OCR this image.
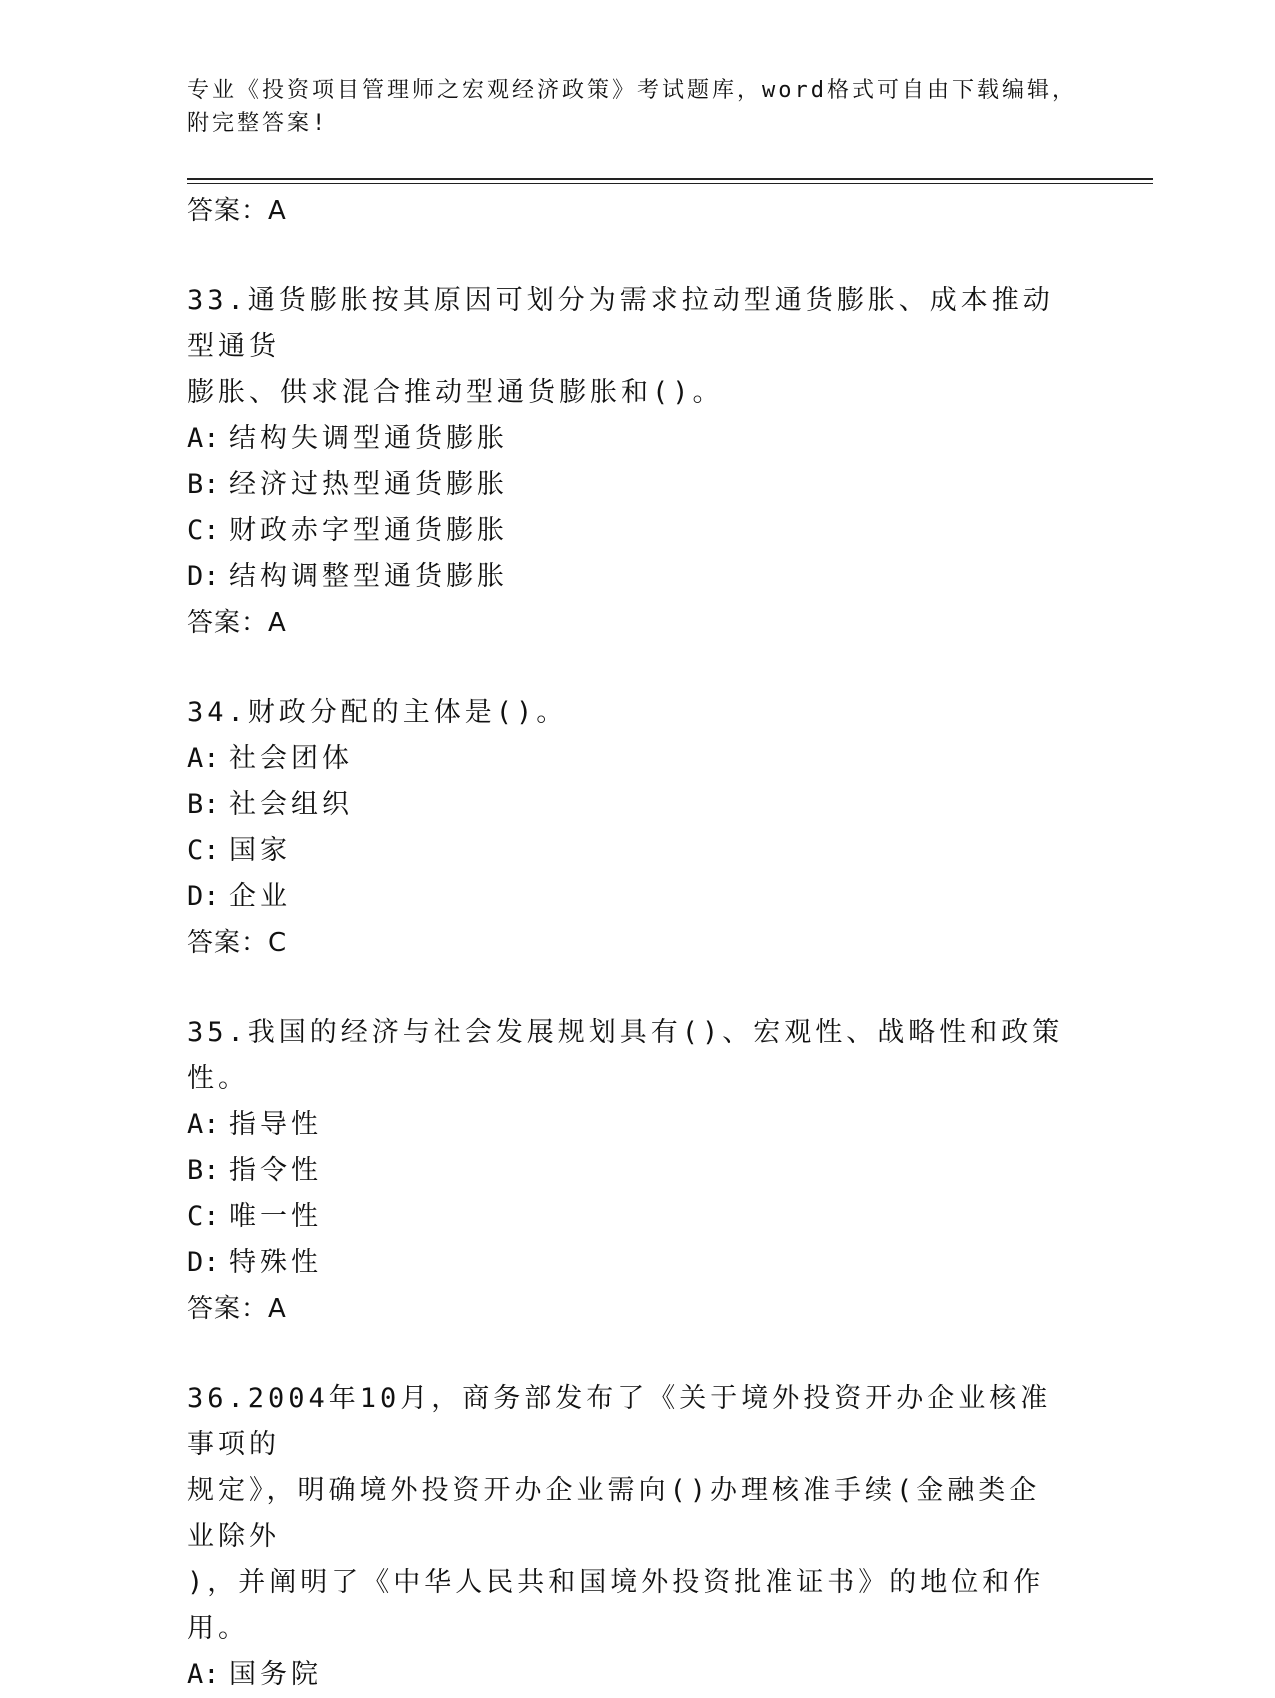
专业《投资项目管理师之宏观经济政策》考试题库，word格式可自由下载编辑，
附完整答案!
答案：A
33.通货膨胀按其原因可划分为需求拉动型通货膨胀、成本推动型通货
膨胀、供求混合推动型通货膨胀和()。
A: 结构失调型通货膨胀
B: 经济过热型通货膨胀
C: 财政赤字型通货膨胀
D: 结构调整型通货膨胀
答案：A
34.财政分配的主体是()。
A: 社会团体
B: 社会组织
C: 国家
D: 企业
答案：C
35.我国的经济与社会发展规划具有()、宏观性、战略性和政策性。
A: 指导性
B: 指令性
C: 唯一性
D: 特殊性
答案：A
36.2004年10月，商务部发布了《关于境外投资开办企业核准事项的
规定》，明确境外投资开办企业需向()办理核准手续(金融类企业除外
)，并阐明了《中华人民共和国境外投资批准证书》的地位和作用。
A: 国务院
